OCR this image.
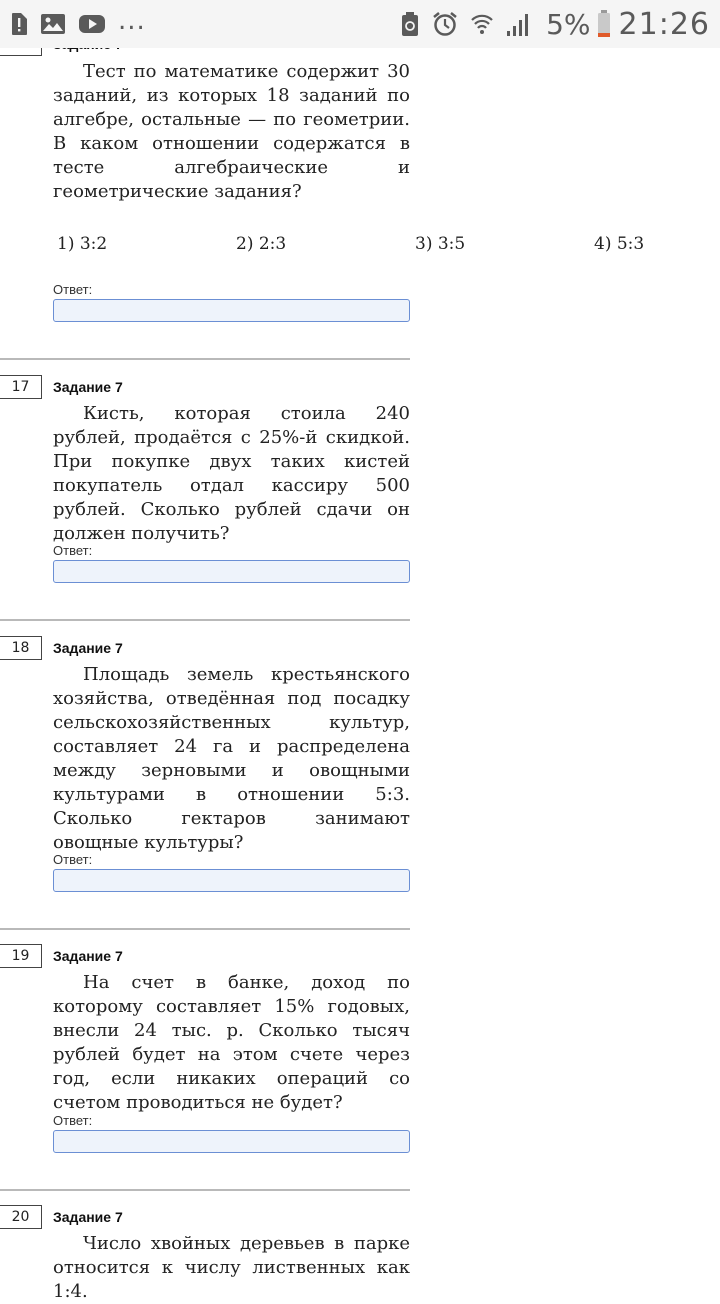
Тест по математике содержит 30 заданий, из которых 18 заданий по алгебре, остальные — по геометрии. В каком отношении содержатся в тесте алгебраические и геометрические задания?

1) 3:2	2) 2:3	3) 3:5	4) 5:3
Ответ:
17 Задание 7

Кисть, которая стоила 240 рублей, продаётся с 25%-й скидкой. При покупке двух таких кистей покупатель отдал кассиру 500 рублей. Сколько рублей сдачи он должен получить?

Ответ:
18 Задание 7

Площадь земель крестьянского хозяйства, отведённая под посадку сельскохозяйственных культур, составляет 24 га и распределена между зерновыми и овощными культурами в отношении 5:3. Сколько гектаров занимают овощные культуры?

Ответ:
19 Задание 7

На счет в банке, доход по которому составляет 15% годовых, внесли 24 тыс. р. Сколько тысяч рублей будет на этом счете через год, если никаких операций со счетом проводиться не будет?

Ответ:
20 Задание 7

Число хвойных деревьев в парке относится к числу лиственных как 1:4.

...	5% 21:26
